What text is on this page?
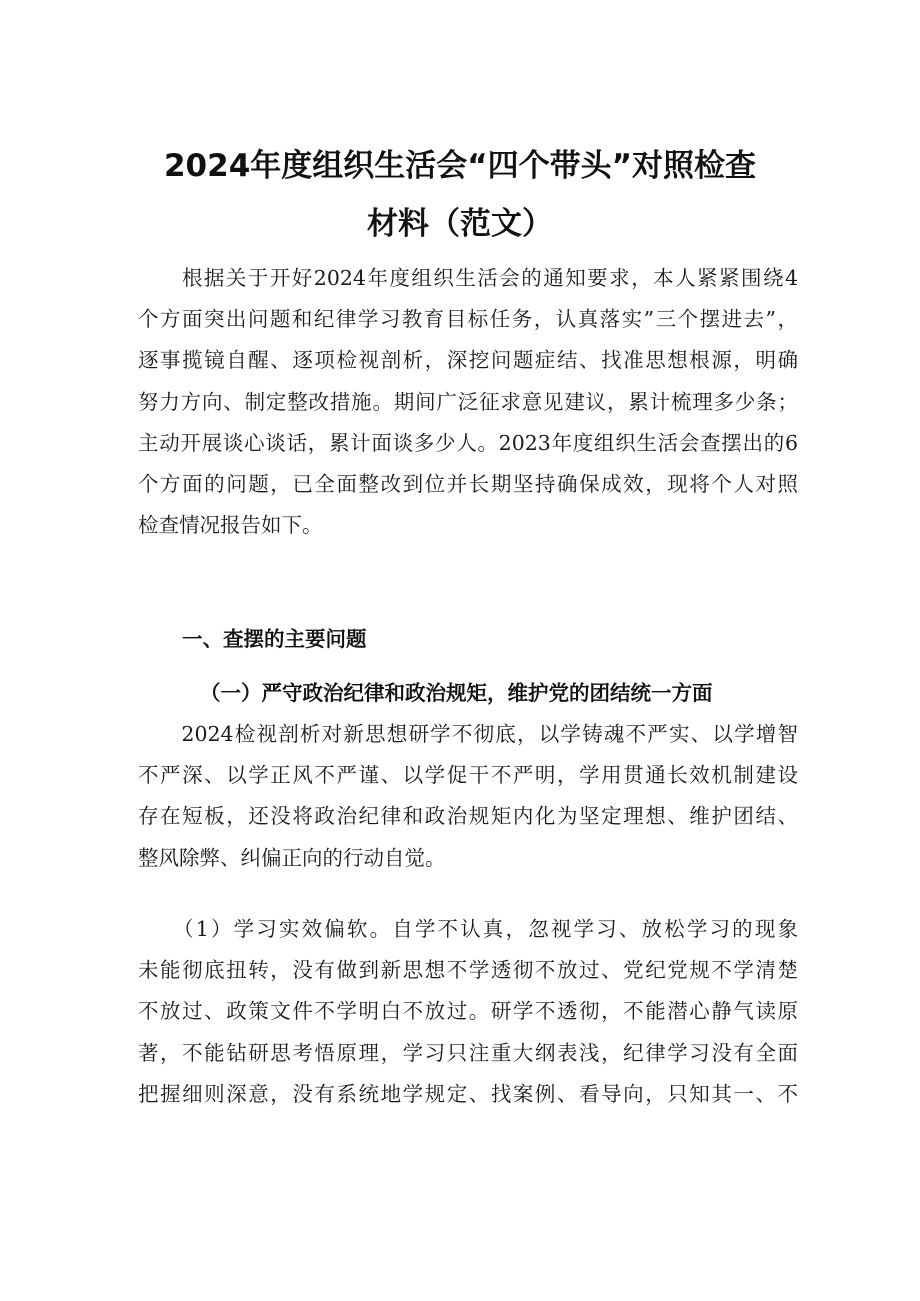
2024年度组织生活会“四个带头”对照检查
材料（范文）
　　根据关于开好2024年度组织生活会的通知要求，本人紧紧围绕4
个方面突出问题和纪律学习教育目标任务，认真落实”三个摆进去”，
逐事揽镜自醒、逐项检视剖析，深挖问题症结、找准思想根源，明确
努力方向、制定整改措施。期间广泛征求意见建议，累计梳理多少条；
主动开展谈心谈话，累计面谈多少人。2023年度组织生活会查摆出的6
个方面的问题，已全面整改到位并长期坚持确保成效，现将个人对照
检查情况报告如下。
一、查摆的主要问题
（一）严守政治纪律和政治规矩，维护党的团结统一方面
　　2024检视剖析对新思想研学不彻底，以学铸魂不严实、以学增智
不严深、以学正风不严谨、以学促干不严明，学用贯通长效机制建设
存在短板，还没将政治纪律和政治规矩内化为坚定理想、维护团结、
整风除弊、纠偏正向的行动自觉。
　　（1）学习实效偏软。自学不认真，忽视学习、放松学习的现象
未能彻底扭转，没有做到新思想不学透彻不放过、党纪党规不学清楚
不放过、政策文件不学明白不放过。研学不透彻，不能潜心静气读原
著，不能钻研思考悟原理，学习只注重大纲表浅，纪律学习没有全面
把握细则深意，没有系统地学规定、找案例、看导向，只知其一、不
